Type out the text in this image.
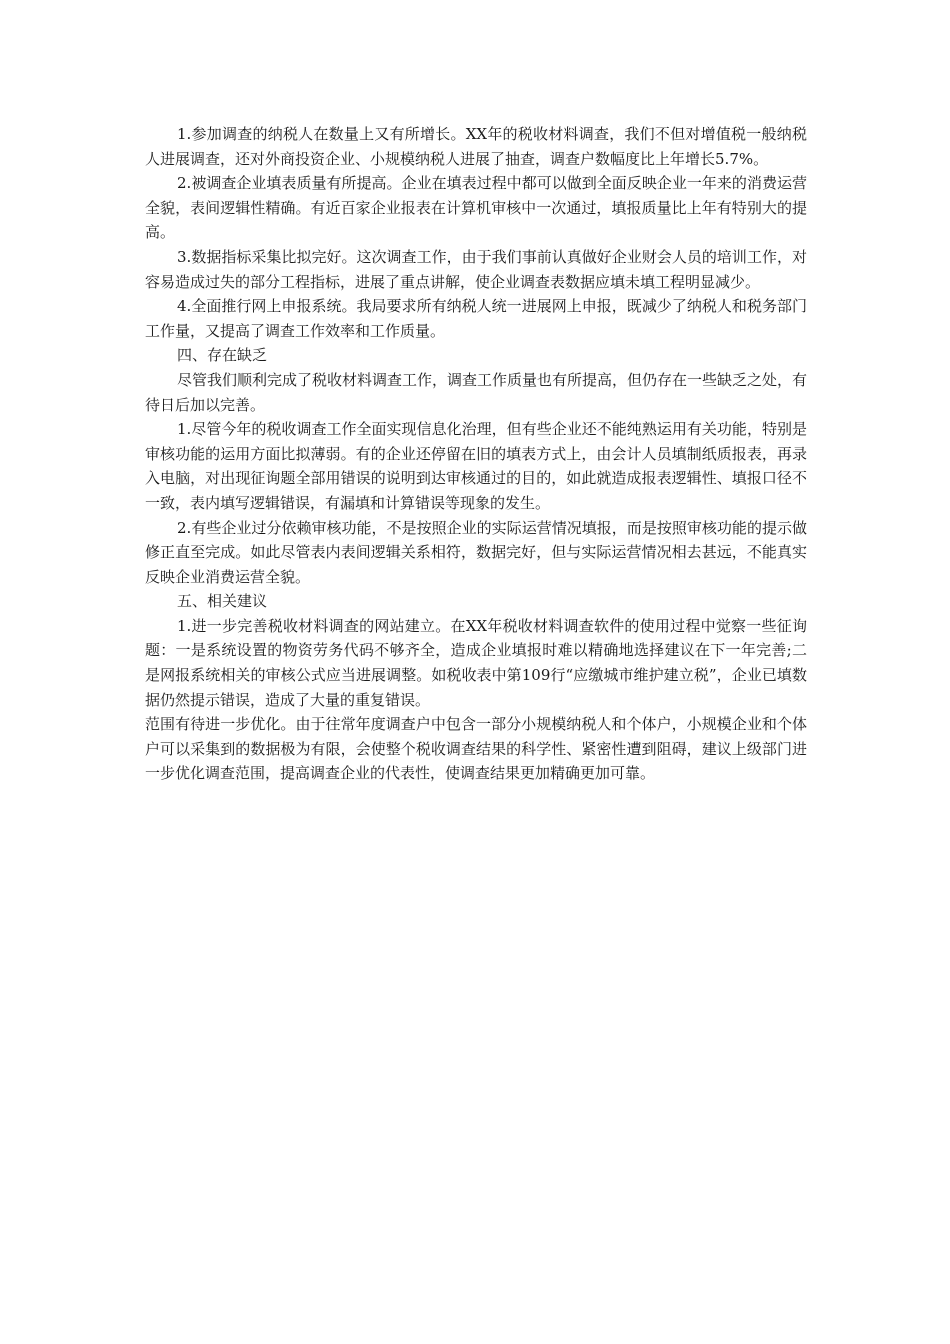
1.参加调查的纳税人在数量上又有所增长。XX年的税收材料调查，我们不但对增值税一般纳税人进展调查，还对外商投资企业、小规模纳税人进展了抽查，调查户数幅度比上年增长5.7%。

2.被调查企业填表质量有所提高。企业在填表过程中都可以做到全面反映企业一年来的消费运营全貌，表间逻辑性精确。有近百家企业报表在计算机审核中一次通过，填报质量比上年有特别大的提高。

3.数据指标采集比拟完好。这次调查工作，由于我们事前认真做好企业财会人员的培训工作，对容易造成过失的部分工程指标，进展了重点讲解，使企业调查表数据应填未填工程明显减少。

4.全面推行网上申报系统。我局要求所有纳税人统一进展网上申报，既减少了纳税人和税务部门工作量，又提高了调查工作效率和工作质量。

四、存在缺乏

尽管我们顺利完成了税收材料调查工作，调查工作质量也有所提高，但仍存在一些缺乏之处，有待日后加以完善。

1.尽管今年的税收调查工作全面实现信息化治理，但有些企业还不能纯熟运用有关功能，特别是审核功能的运用方面比拟薄弱。有的企业还停留在旧的填表方式上，由会计人员填制纸质报表，再录入电脑，对出现征询题全部用错误的说明到达审核通过的目的，如此就造成报表逻辑性、填报口径不一致，表内填写逻辑错误，有漏填和计算错误等现象的发生。

2.有些企业过分依赖审核功能，不是按照企业的实际运营情况填报，而是按照审核功能的提示做修正直至完成。如此尽管表内表间逻辑关系相符，数据完好，但与实际运营情况相去甚远，不能真实反映企业消费运营全貌。

五、相关建议

1.进一步完善税收材料调查的网站建立。在XX年税收材料调查软件的使用过程中觉察一些征询题：一是系统设置的物资劳务代码不够齐全，造成企业填报时难以精确地选择建议在下一年完善;二是网报系统相关的审核公式应当进展调整。如税收表中第109行“应缴城市维护建立税”，企业已填数据仍然提示错误，造成了大量的重复错误。

范围有待进一步优化。由于往常年度调查户中包含一部分小规模纳税人和个体户，小规模企业和个体户可以采集到的数据极为有限，会使整个税收调查结果的科学性、紧密性遭到阻碍，建议上级部门进一步优化调查范围，提高调查企业的代表性，使调查结果更加精确更加可靠。
